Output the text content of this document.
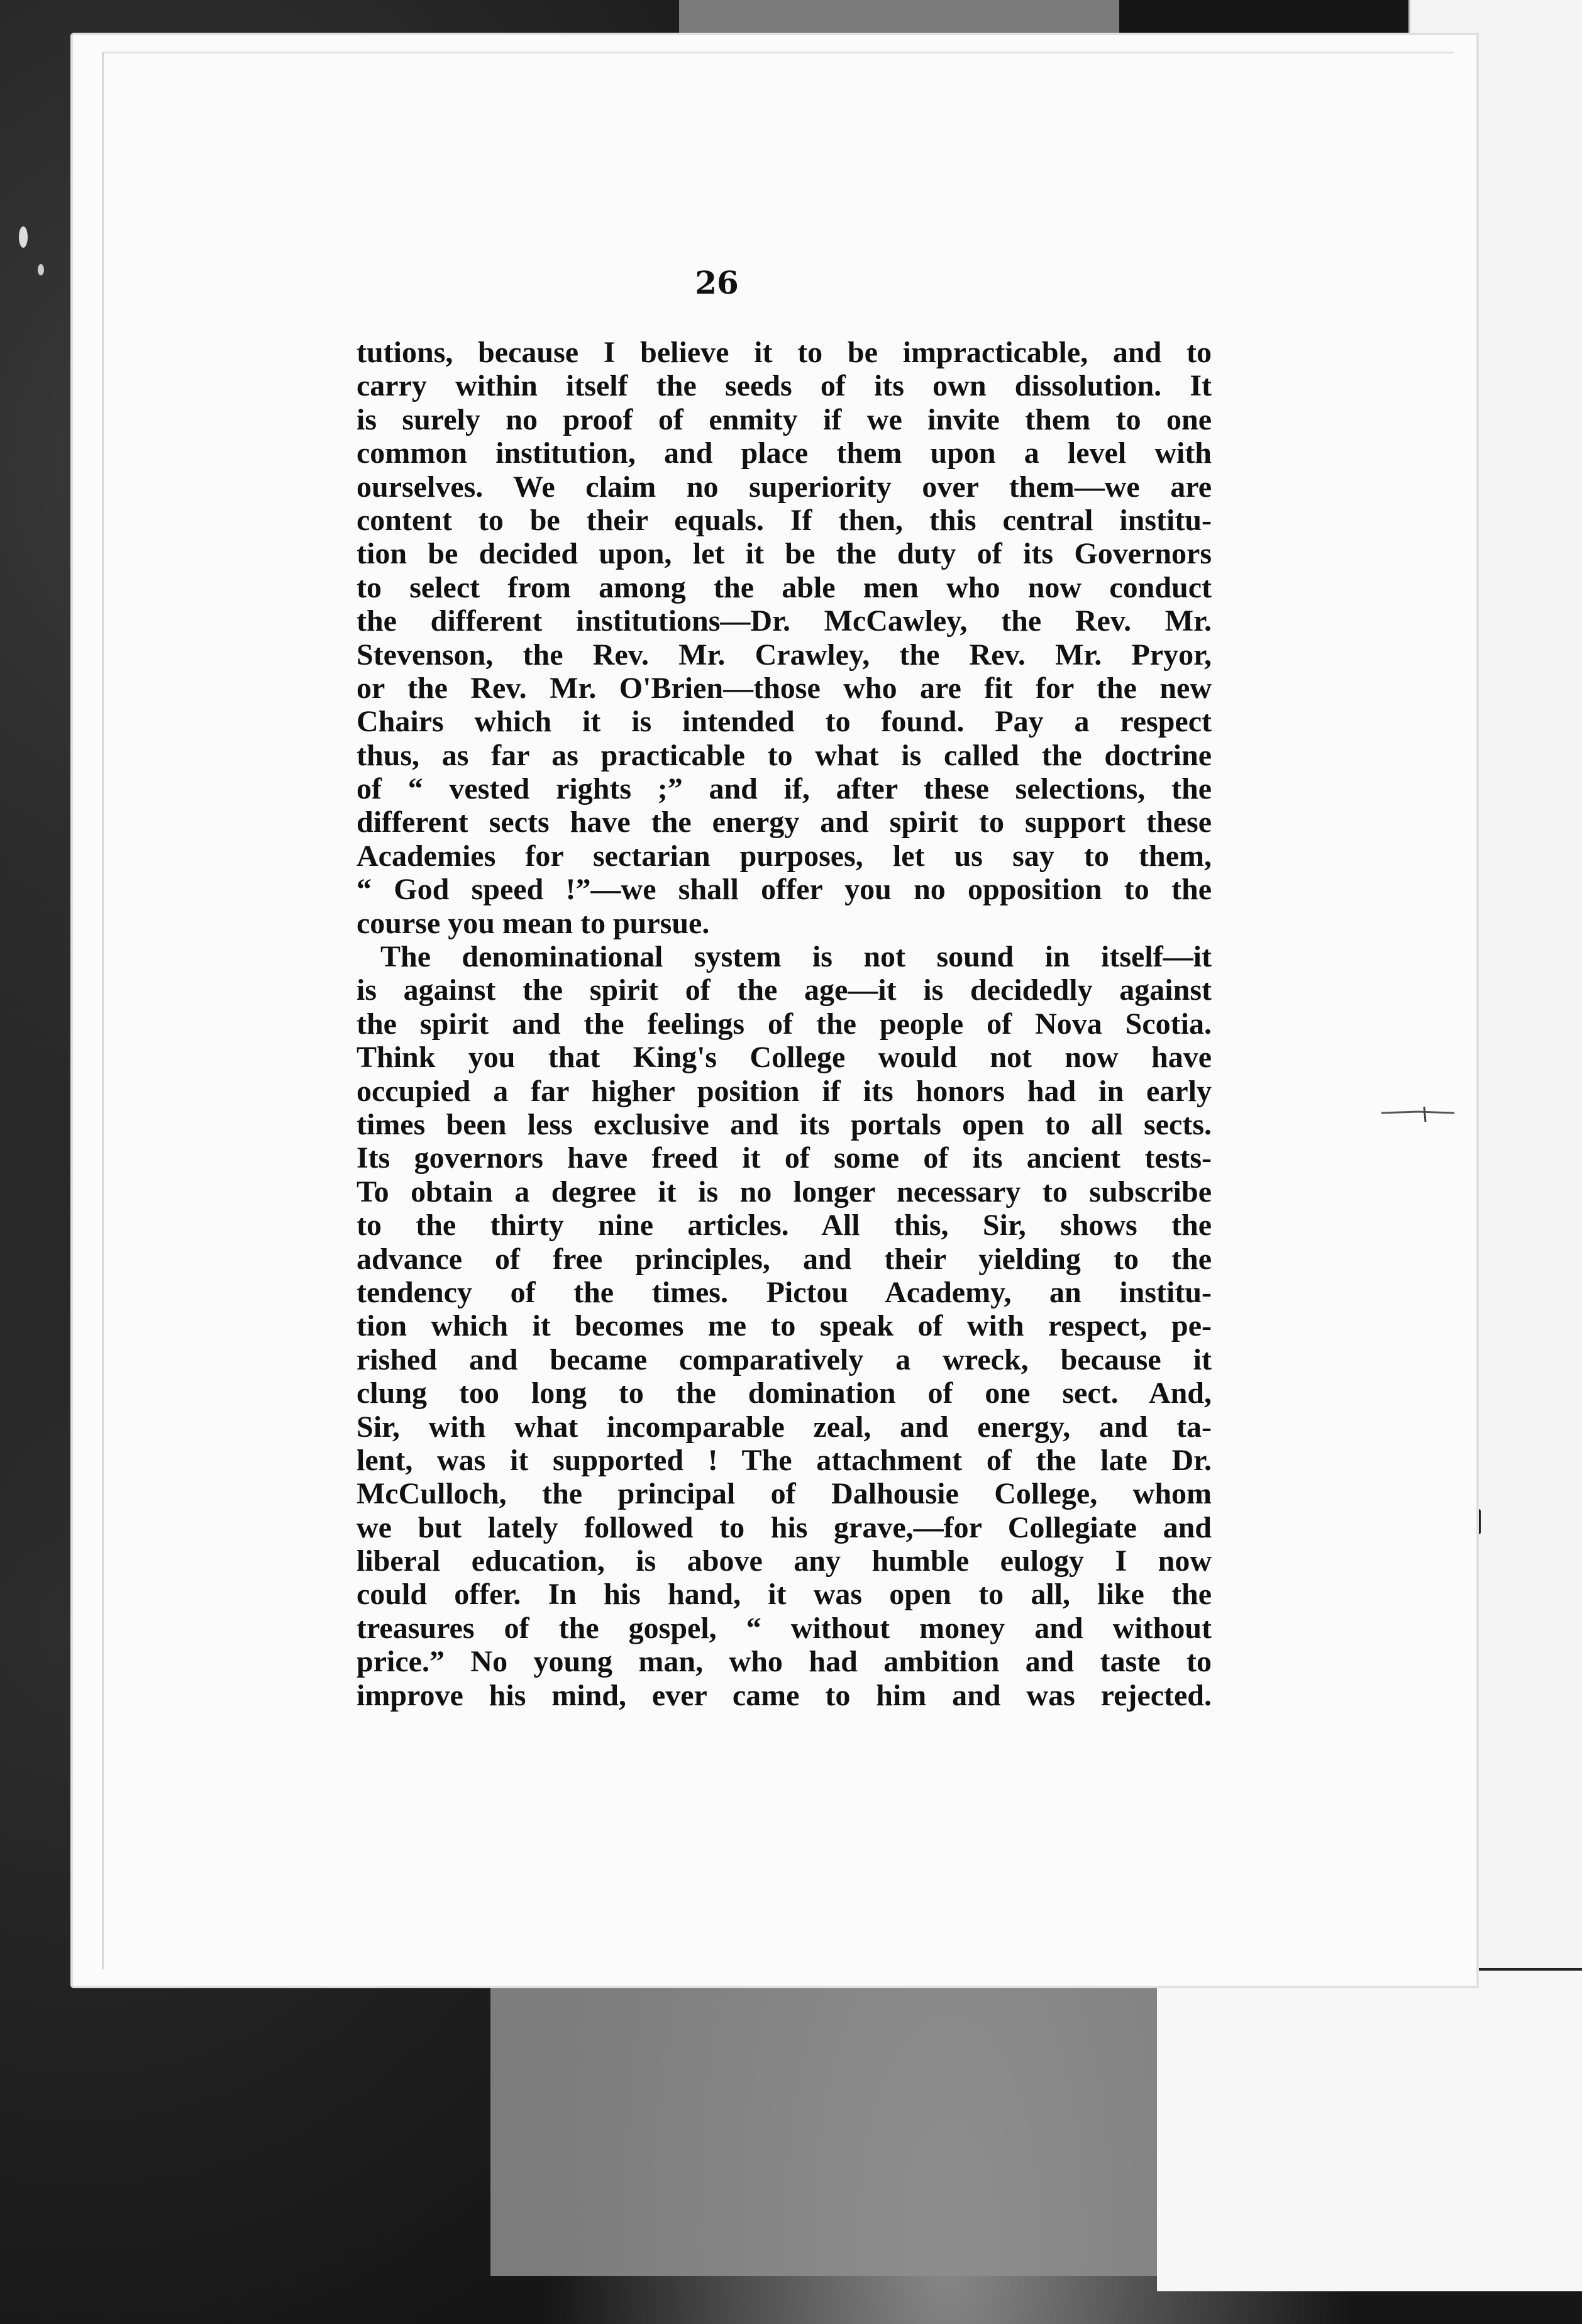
26
tutions, because I believe it to be impracticable, and to
carry within itself the seeds of its own dissolution. It
is surely no proof of enmity if we invite them to one
common institution, and place them upon a level with
ourselves. We claim no superiority over them—we are
content to be their equals. If then, this central institu-
tion be decided upon, let it be the duty of its Governors
to select from among the able men who now conduct
the different institutions—Dr. McCawley, the Rev. Mr.
Stevenson, the Rev. Mr. Crawley, the Rev. Mr. Pryor,
or the Rev. Mr. O'Brien—those who are fit for the new
Chairs which it is intended to found. Pay a respect
thus, as far as practicable to what is called the doctrine
of “ vested rights ;” and if, after these selections, the
different sects have the energy and spirit to support these
Academies for sectarian purposes, let us say to them,
“ God speed !”—we shall offer you no opposition to the
course you mean to pursue.
The denominational system is not sound in itself—it
is against the spirit of the age—it is decidedly against
the spirit and the feelings of the people of Nova Scotia.
Think you that King's College would not now have
occupied a far higher position if its honors had in early
times been less exclusive and its portals open to all sects.
Its governors have freed it of some of its ancient tests-
To obtain a degree it is no longer necessary to subscribe
to the thirty nine articles. All this, Sir, shows the
advance of free principles, and their yielding to the
tendency of the times. Pictou Academy, an institu-
tion which it becomes me to speak of with respect, pe-
rished and became comparatively a wreck, because it
clung too long to the domination of one sect. And,
Sir, with what incomparable zeal, and energy, and ta-
lent, was it supported ! The attachment of the late Dr.
McCulloch, the principal of Dalhousie College, whom
we but lately followed to his grave,—for Collegiate and
liberal education, is above any humble eulogy I now
could offer. In his hand, it was open to all, like the
treasures of the gospel, “ without money and without
price.” No young man, who had ambition and taste to
improve his mind, ever came to him and was rejected.
